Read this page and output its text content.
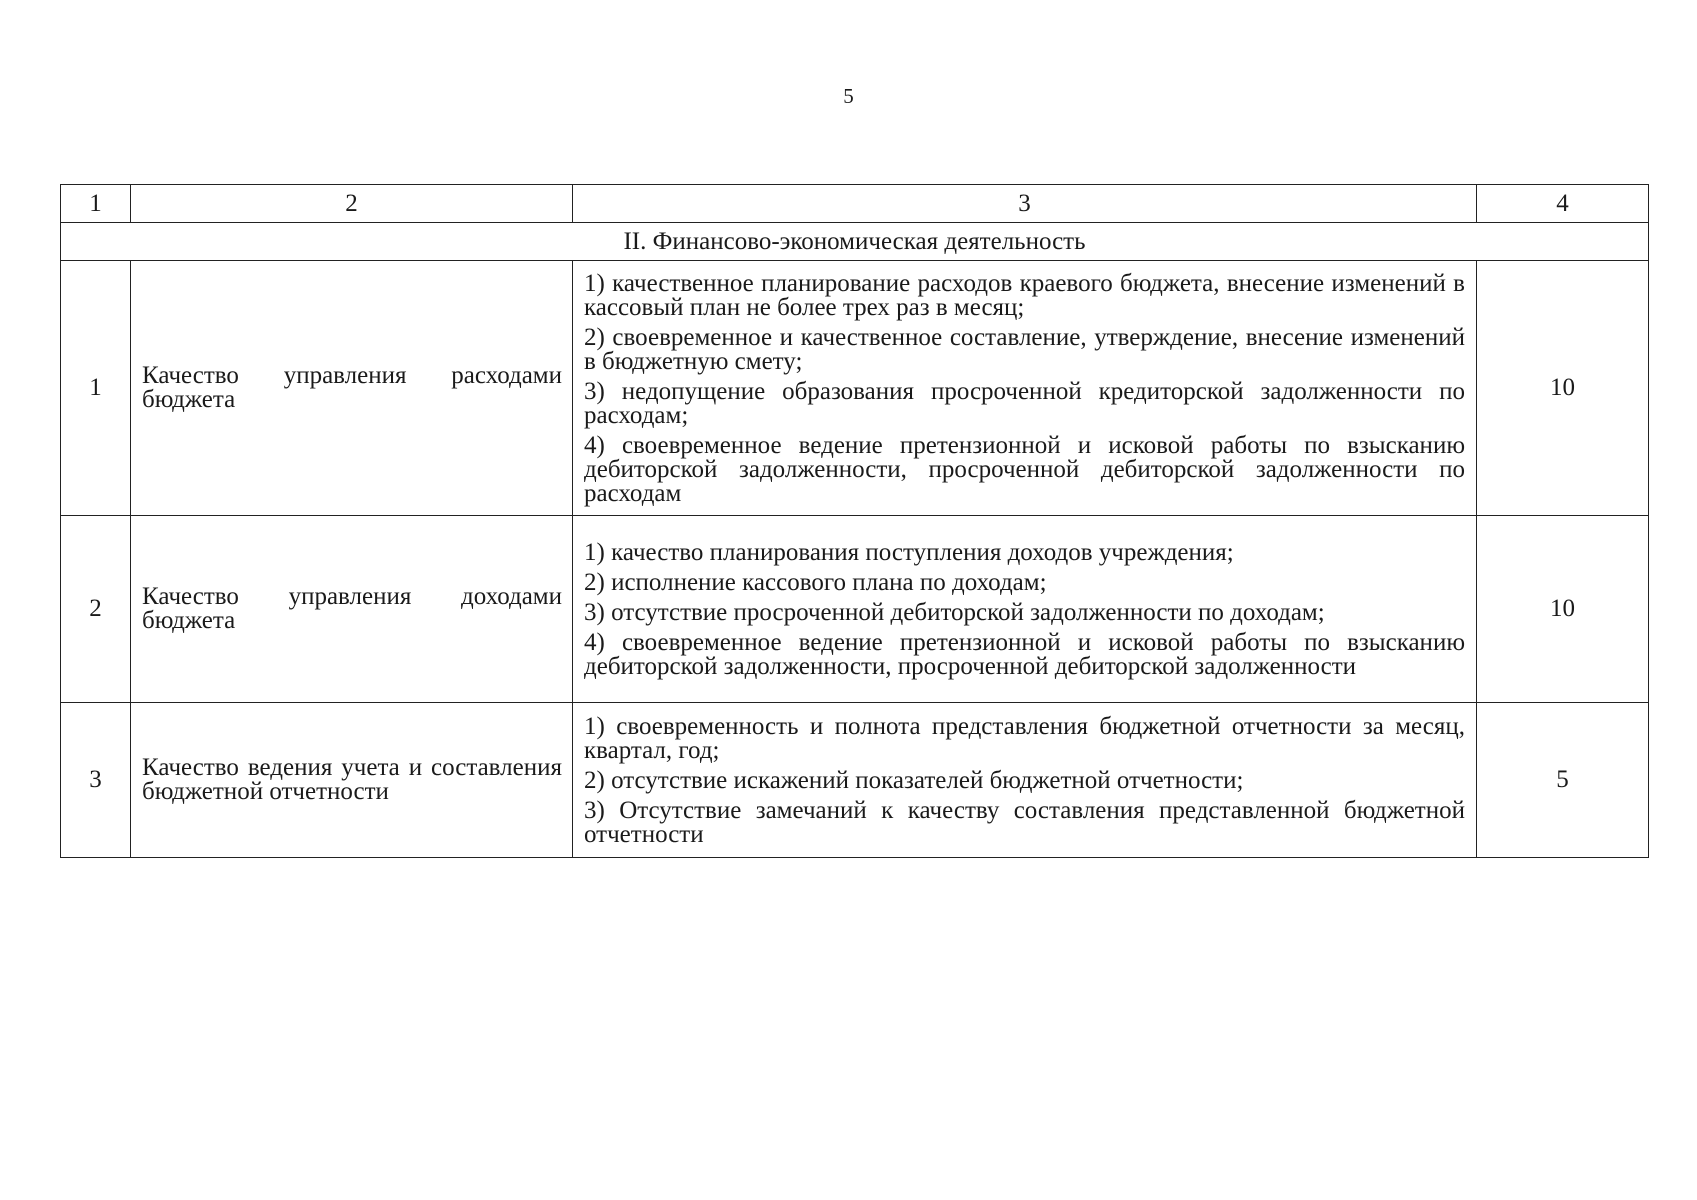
5
1	2	3	4
II. Финансово-экономическая деятельность			
1	Качество управления расходами бюджета	1) качественное планирование расходов краевого бюджета, внесение изменений в кассовый план не более трех раз в месяц;
2) своевременное и качественное составление, утверждение, внесение изменений в бюджетную смету;
3) недопущение образования просроченной кредиторской задолженности по расходам;
4) своевременное ведение претензионной и исковой работы по взысканию дебиторской задолженности, просроченной дебиторской задолженности по расходам	10
2	Качество управления доходами бюджета	1) качество планирования поступления доходов учреждения;
2) исполнение кассового плана по доходам;
3) отсутствие просроченной дебиторской задолженности по доходам;
4) своевременное ведение претензионной и исковой работы по взысканию дебиторской задолженности, просроченной дебиторской задолженности	10
3	Качество ведения учета и составления бюджетной отчетности	1) своевременность и полнота представления бюджетной отчетности за месяц, квартал, год;
2) отсутствие искажений показателей бюджетной отчетности;
3) Отсутствие замечаний к качеству составления представленной бюджетной отчетности	5
